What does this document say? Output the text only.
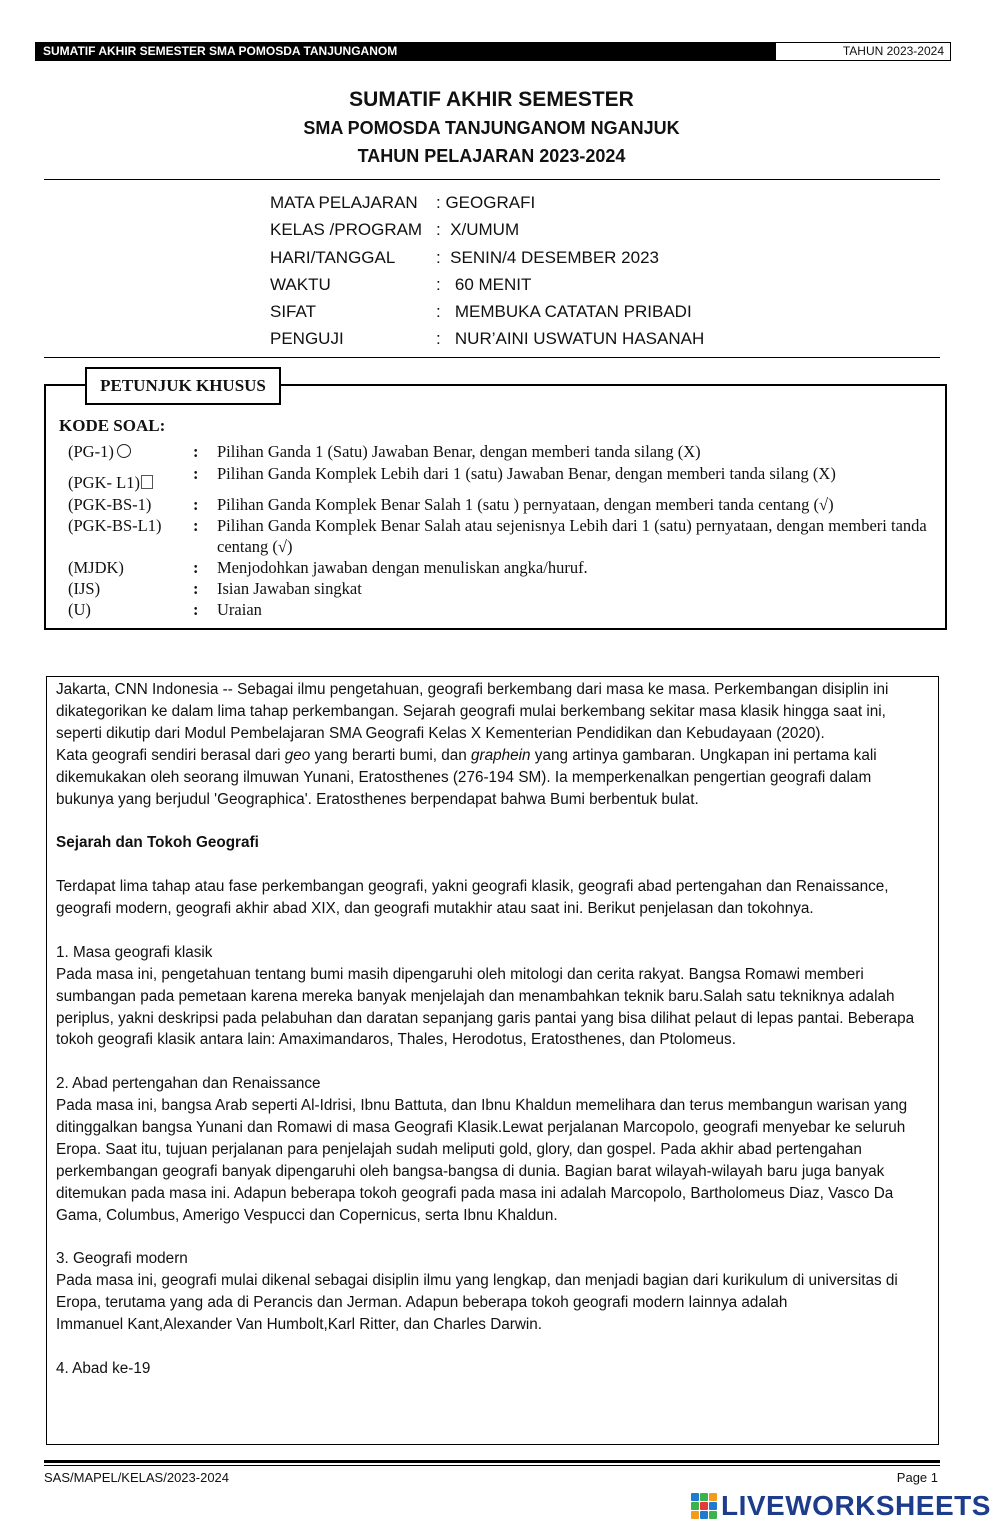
SUMATIF AKHIR SEMESTER SMA POMOSDA TANJUNGANOM	TAHUN 2023-2024
SUMATIF AKHIR SEMESTER
SMA POMOSDA TANJUNGANOM NGANJUK
TAHUN PELAJARAN 2023-2024
MATA PELAJARAN	: GEOGRAFI
KELAS /PROGRAM :  X/UMUM
HARI/TANGGAL	:  SENIN/4 DESEMBER 2023
WAKTU	:   60 MENIT
SIFAT	:   MEMBUKA CATATAN PRIBADI
PENGUJI	:   NUR’AINI USWATUN HASANAH
PETUNJUK KHUSUS
KODE SOAL:
(PG-1)	:	Pilihan Ganda 1 (Satu) Jawaban Benar, dengan memberi tanda silang (X)
(PGK- L1)	:	Pilihan Ganda Komplek Lebih dari 1 (satu) Jawaban Benar, dengan memberi tanda silang (X)
(PGK-BS-1)	:	Pilihan Ganda Komplek Benar Salah 1 (satu ) pernyataan, dengan memberi tanda centang (√)
(PGK-BS-L1)	:	Pilihan Ganda Komplek Benar Salah atau sejenisnya Lebih dari 1 (satu) pernyataan, dengan memberi tanda centang (√)
(MJDK)	:	Menjodohkan jawaban dengan menuliskan angka/huruf.
(IJS)	:	Isian Jawaban singkat
(U)	:	Uraian

Jakarta, CNN Indonesia -- Sebagai ilmu pengetahuan, geografi berkembang dari masa ke masa. Perkembangan disiplin ini dikategorikan ke dalam lima tahap perkembangan. Sejarah geografi mulai berkembang sekitar masa klasik hingga saat ini, seperti dikutip dari Modul Pembelajaran SMA Geografi Kelas X Kementerian Pendidikan dan Kebudayaan (2020).

Kata geografi sendiri berasal dari geo yang berarti bumi, dan graphein yang artinya gambaran. Ungkapan ini pertama kali dikemukakan oleh seorang ilmuwan Yunani, Eratosthenes (276-194 SM). Ia memperkenalkan pengertian geografi dalam bukunya yang berjudul 'Geographica'. Eratosthenes berpendapat bahwa Bumi berbentuk bulat.

Sejarah dan Tokoh Geografi

Terdapat lima tahap atau fase perkembangan geografi, yakni geografi klasik, geografi abad pertengahan dan Renaissance, geografi modern, geografi akhir abad XIX, dan geografi mutakhir atau saat ini. Berikut penjelasan dan tokohnya.

1. Masa geografi klasik

Pada masa ini, pengetahuan tentang bumi masih dipengaruhi oleh mitologi dan cerita rakyat. Bangsa Romawi memberi sumbangan pada pemetaan karena mereka banyak menjelajah dan menambahkan teknik baru.Salah satu tekniknya adalah periplus, yakni deskripsi pada pelabuhan dan daratan sepanjang garis pantai yang bisa dilihat pelaut di lepas pantai. Beberapa tokoh geografi klasik antara lain: Amaximandaros, Thales, Herodotus, Eratosthenes, dan Ptolomeus.

2. Abad pertengahan dan Renaissance

Pada masa ini, bangsa Arab seperti Al-Idrisi, Ibnu Battuta, dan Ibnu Khaldun memelihara dan terus membangun warisan yang ditinggalkan bangsa Yunani dan Romawi di masa Geografi Klasik.Lewat perjalanan Marcopolo, geografi menyebar ke seluruh Eropa. Saat itu, tujuan perjalanan para penjelajah sudah meliputi gold, glory, dan gospel. Pada akhir abad pertengahan perkembangan geografi banyak dipengaruhi oleh bangsa-bangsa di dunia. Bagian barat wilayah-wilayah baru juga banyak ditemukan pada masa ini. Adapun beberapa tokoh geografi pada masa ini adalah Marcopolo, Bartholomeus Diaz, Vasco Da Gama, Columbus, Amerigo Vespucci dan Copernicus, serta Ibnu Khaldun.

3. Geografi modern

Pada masa ini, geografi mulai dikenal sebagai disiplin ilmu yang lengkap, dan menjadi bagian dari kurikulum di universitas di Eropa, terutama yang ada di Perancis dan Jerman. Adapun beberapa tokoh geografi modern lainnya adalah

Immanuel Kant,Alexander Van Humbolt,Karl Ritter, dan Charles Darwin.

4. Abad ke-19

SAS/MAPEL/KELAS/2023-2024	Page 1
LIVEWORKSHEETS
